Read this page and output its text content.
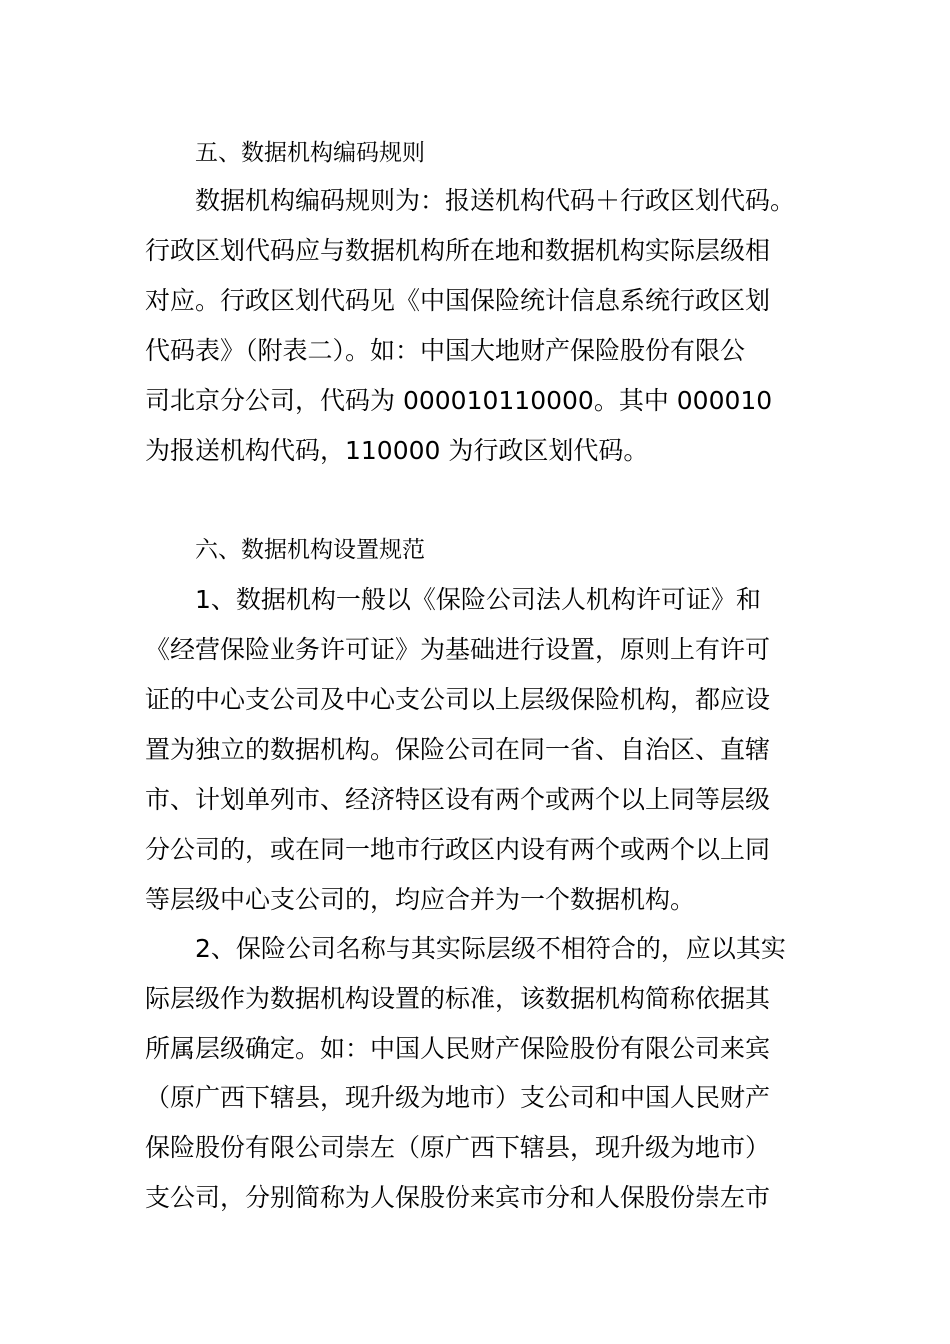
五、数据机构编码规则
数据机构编码规则为：报送机构代码＋行政区划代码。
行政区划代码应与数据机构所在地和数据机构实际层级相
对应。行政区划代码见《中国保险统计信息系统行政区划
代码表》（附表二）。如：中国大地财产保险股份有限公
司北京分公司，代码为 000010110000。其中 000010
为报送机构代码，110000 为行政区划代码。
六、数据机构设置规范
1、数据机构一般以《保险公司法人机构许可证》和
《经营保险业务许可证》为基础进行设置，原则上有许可
证的中心支公司及中心支公司以上层级保险机构，都应设
置为独立的数据机构。保险公司在同一省、自治区、直辖
市、计划单列市、经济特区设有两个或两个以上同等层级
分公司的，或在同一地市行政区内设有两个或两个以上同
等层级中心支公司的，均应合并为一个数据机构。
2、保险公司名称与其实际层级不相符合的，应以其实
际层级作为数据机构设置的标准，该数据机构简称依据其
所属层级确定。如：中国人民财产保险股份有限公司来宾
（原广西下辖县，现升级为地市）支公司和中国人民财产
保险股份有限公司崇左（原广西下辖县，现升级为地市）
支公司，分别简称为人保股份来宾市分和人保股份崇左市
